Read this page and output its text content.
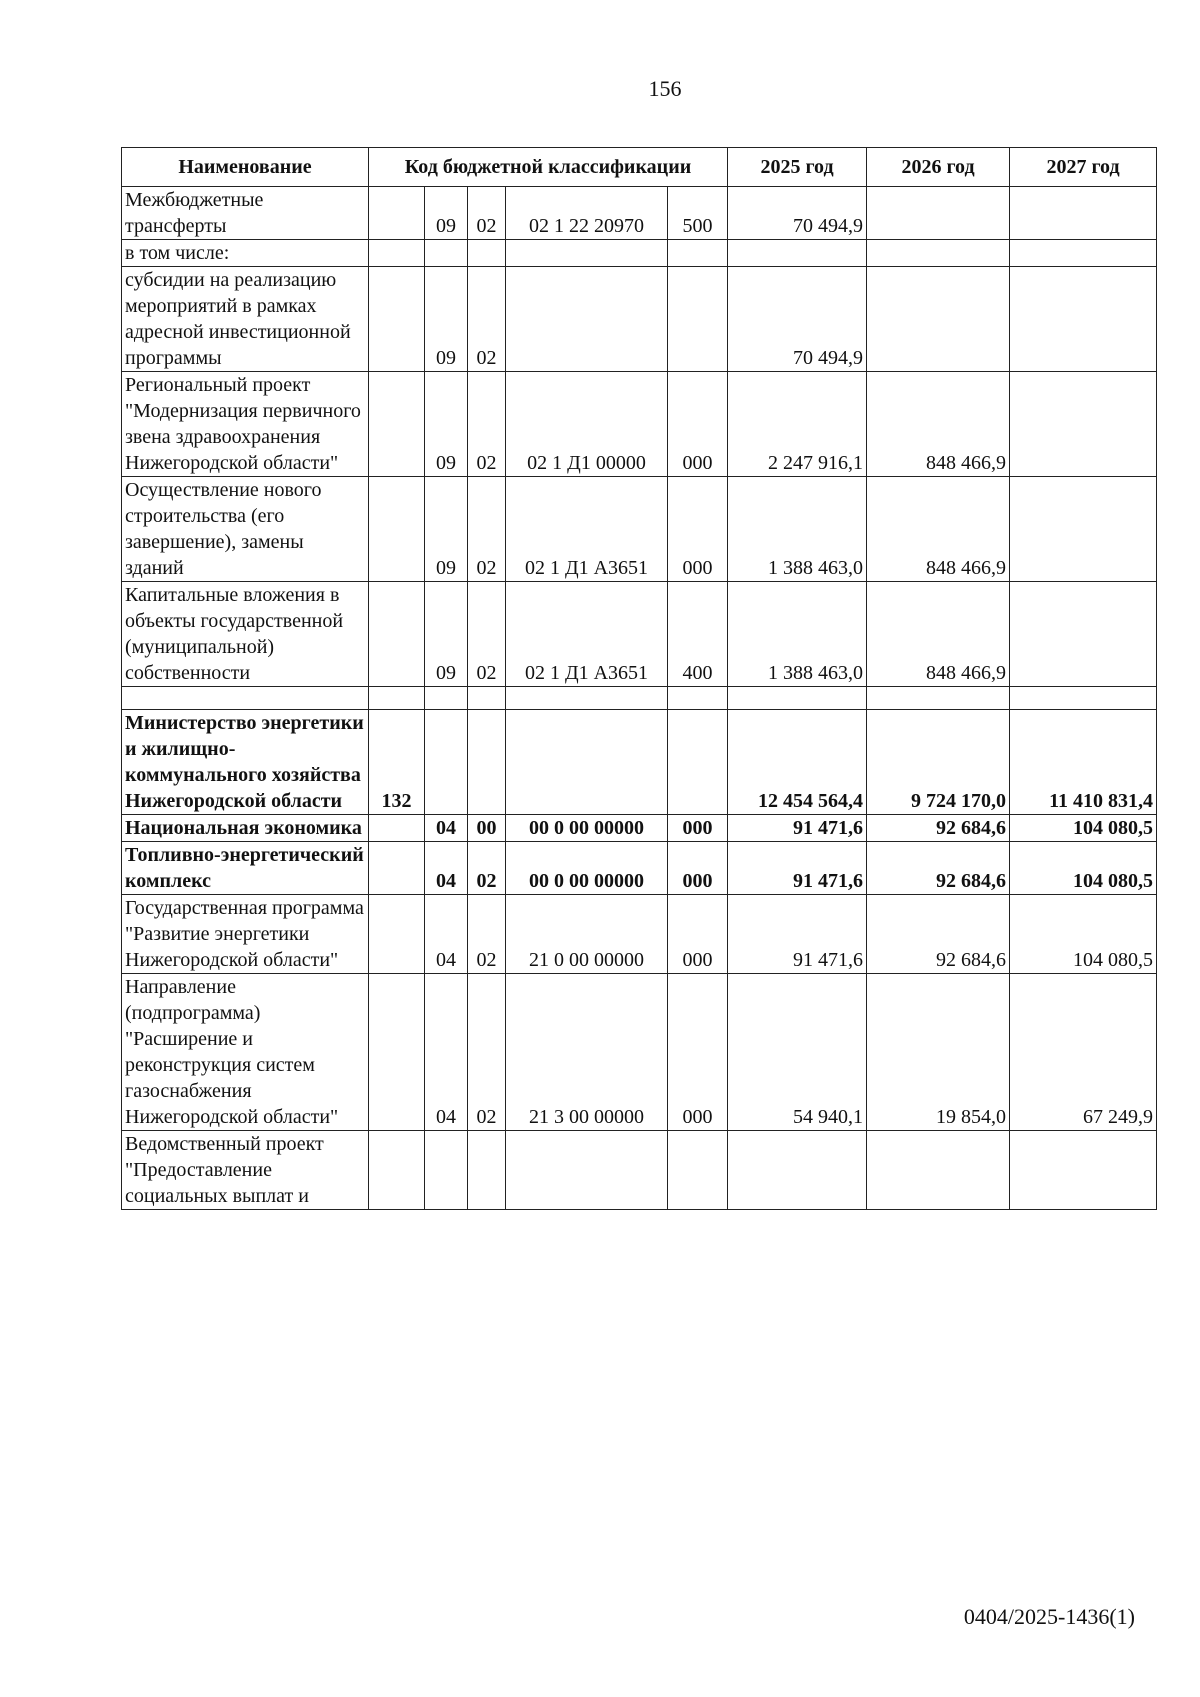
156
Наименование	Код бюджетной классификации					2025 год	2026 год	2027 год
Межбюджетные трансферты		09	02	02 1 22 20970	500	70 494,9		
в том числе:								
субсидии на реализацию мероприятий в рамках адресной инвестиционной программы		09	02			70 494,9		
Региональный проект "Модернизация первичного звена здравоохранения Нижегородской области"		09	02	02 1 Д1 00000	000	2 247 916,1	848 466,9	
Осуществление нового строительства (его завершение), замены зданий		09	02	02 1 Д1 А3651	000	1 388 463,0	848 466,9	
Капитальные вложения в объекты государственной (муниципальной) собственности		09	02	02 1 Д1 А3651	400	1 388 463,0	848 466,9	

Министерство энергетики и жилищно-коммунального хозяйства Нижегородской области	132					12 454 564,4	9 724 170,0	11 410 831,4
Национальная экономика		04	00	00 0 00 00000	000	91 471,6	92 684,6	104 080,5
Топливно-энергетический комплекс		04	02	00 0 00 00000	000	91 471,6	92 684,6	104 080,5
Государственная программа "Развитие энергетики Нижегородской области"		04	02	21 0 00 00000	000	91 471,6	92 684,6	104 080,5
Направление (подпрограмма) "Расширение и реконструкция систем газоснабжения Нижегородской области"		04	02	21 3 00 00000	000	54 940,1	19 854,0	67 249,9
Ведомственный проект "Предоставление социальных выплат и								
0404/2025-1436(1)
